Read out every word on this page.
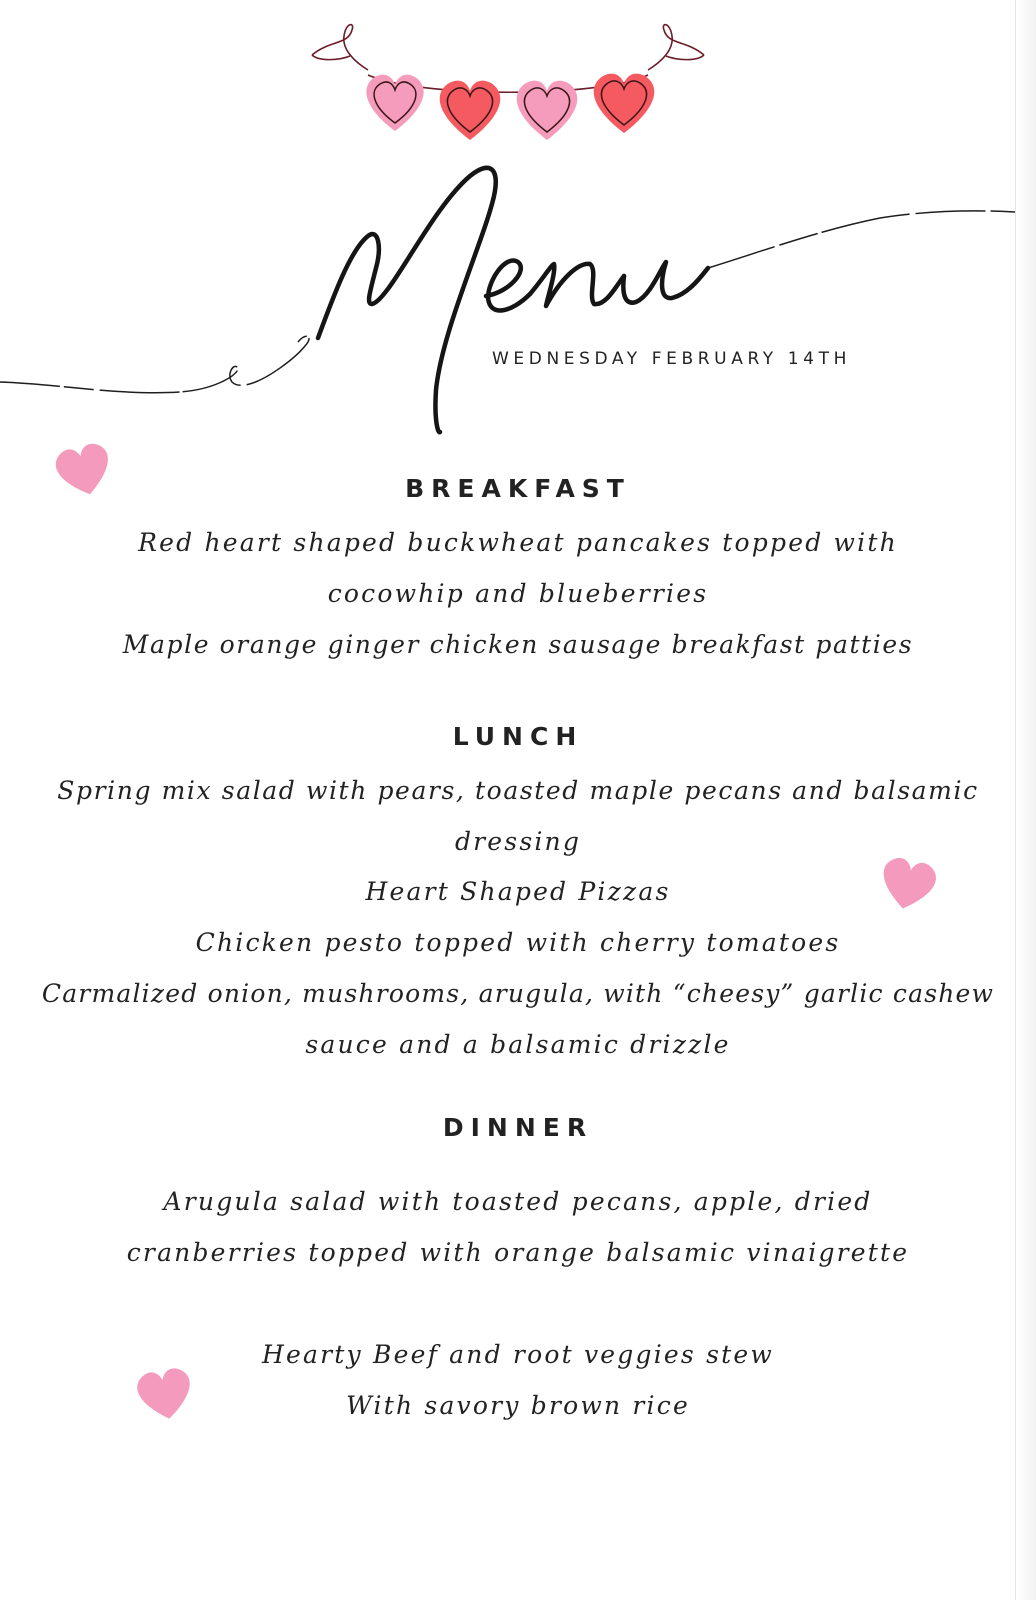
WEDNESDAY FEBRUARY 14TH
BREAKFAST

Red heart shaped buckwheat pancakes topped with

cocowhip and blueberries

Maple orange ginger chicken sausage breakfast patties

LUNCH

Spring mix salad with pears, toasted maple pecans and balsamic

dressing

Heart Shaped Pizzas

Chicken pesto topped with cherry tomatoes

Carmalized onion, mushrooms, arugula, with “cheesy” garlic cashew

sauce and a balsamic drizzle

DINNER

Arugula salad with toasted pecans, apple, dried

cranberries topped with orange balsamic vinaigrette

Hearty Beef and root veggies stew

With savory brown rice
